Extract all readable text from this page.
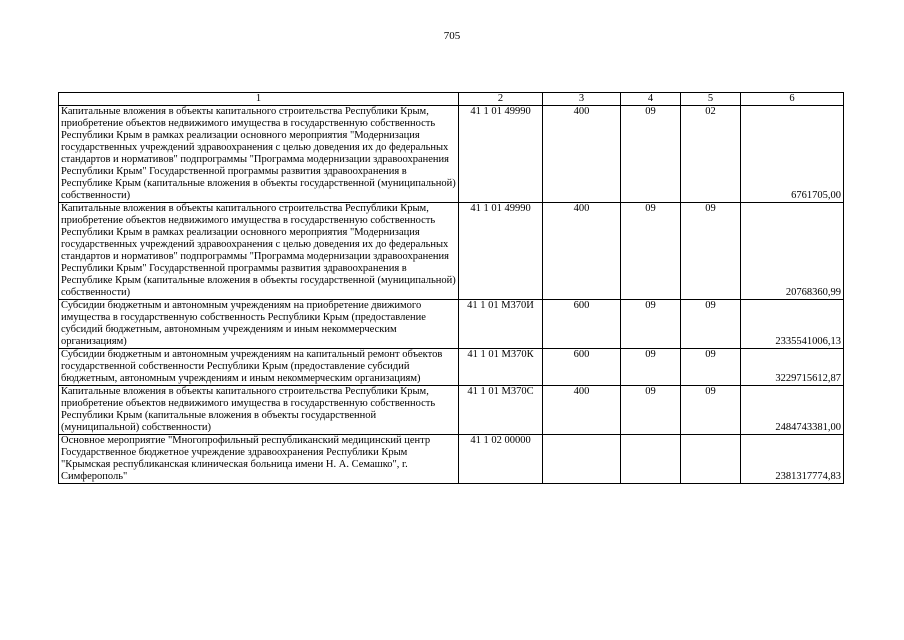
705
1	2	3	4	5	6
Капитальные вложения в объекты капитального строительства Республики Крым, приобретение объектов недвижимого имущества в государственную собственность Республики Крым в рамках реализации основного мероприятия "Модернизация государственных учреждений здравоохранения с целью доведения их до федеральных стандартов и нормативов" подпрограммы "Программа модернизации здравоохранения Республики Крым" Государственной программы развития здравоохранения в Республике Крым (капитальные вложения в объекты государственной (муниципальной) собственности)	41 1 01 49990	400	09	02	6761705,00
Капитальные вложения в объекты капитального строительства Республики Крым, приобретение объектов недвижимого имущества в государственную собственность Республики Крым в рамках реализации основного мероприятия "Модернизация государственных учреждений здравоохранения с целью доведения их до федеральных стандартов и нормативов" подпрограммы "Программа модернизации здравоохранения Республики Крым" Государственной программы развития здравоохранения в Республике Крым (капитальные вложения в объекты государственной (муниципальной) собственности)	41 1 01 49990	400	09	09	20768360,99
Субсидии бюджетным и автономным учреждениям на приобретение движимого имущества в государственную собственность Республики Крым (предоставление субсидий бюджетным, автономным учреждениям и иным некоммерческим организациям)	41 1 01 М370И	600	09	09	2335541006,13
Субсидии бюджетным и автономным учреждениям на капитальный ремонт объектов государственной собственности Республики Крым (предоставление субсидий бюджетным, автономным учреждениям и иным некоммерческим организациям)	41 1 01 М370К	600	09	09	3229715612,87
Капитальные вложения в объекты капитального строительства Республики Крым, приобретение объектов недвижимого имущества в государственную собственность Республики Крым (капитальные вложения в объекты государственной (муниципальной) собственности)	41 1 01 М370С	400	09	09	2484743381,00
Основное мероприятие "Многопрофильный республиканский медицинский центр Государственное бюджетное учреждение здравоохранения Республики Крым "Крымская республиканская клиническая больница имени Н. А. Семашко", г. Симферополь"	41 1 02 00000				2381317774,83
